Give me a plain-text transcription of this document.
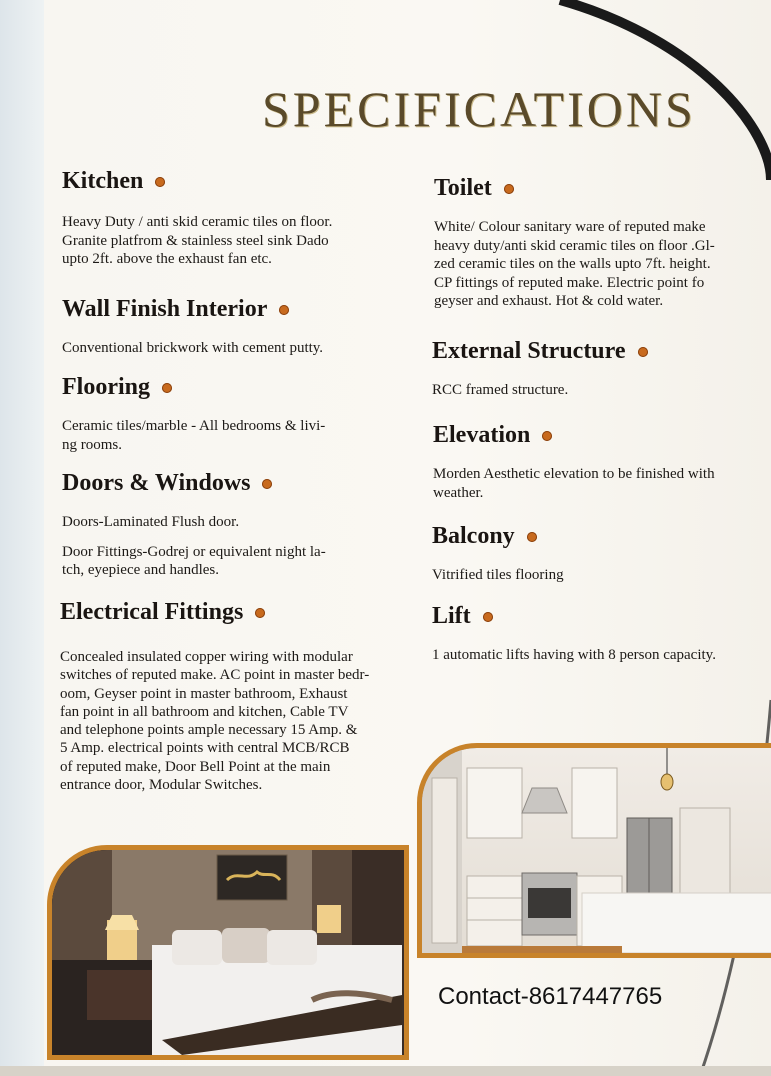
SPECIFICATIONS
Kitchen
Heavy Duty / anti skid ceramic tiles on floor.
Granite platfrom & stainless steel sink Dado
upto 2ft. above the exhaust fan etc.
Wall Finish Interior
Conventional brickwork with cement putty.
Flooring
Ceramic tiles/marble - All bedrooms & livi-
ng rooms.
Doors & Windows

Doors-Laminated Flush door.

Door Fittings-Godrej or equivalent night la-
tch, eyepiece and handles.

Electrical Fittings
Concealed insulated copper wiring with modular
switches of reputed make. AC point in master bedr-
oom, Geyser point in master bathroom, Exhaust
fan point in all bathroom and kitchen, Cable TV
and telephone points ample necessary 15 Amp. &
5 Amp. electrical points with central MCB/RCB
of reputed make, Door Bell Point at the main
entrance door, Modular Switches.
Toilet
White/ Colour sanitary ware of reputed make
heavy duty/anti skid ceramic tiles on floor .Gl-
zed ceramic tiles on the walls upto 7ft. height.
CP fittings of reputed make. Electric point fo
geyser and exhaust. Hot & cold water.
External Structure
RCC framed structure.
Elevation
Morden Aesthetic elevation to be finished with
weather.
Balcony
Vitrified tiles flooring
Lift
1 automatic lifts having with 8 person capacity.
Contact-8617447765
